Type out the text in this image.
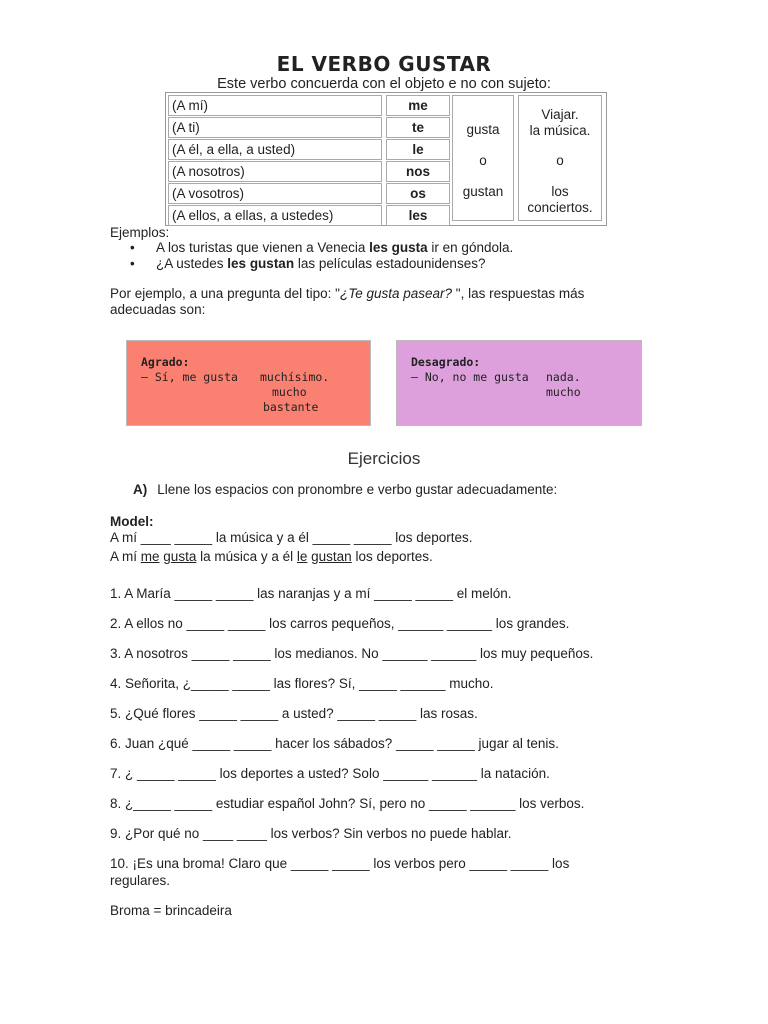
EL VERBO GUSTAR
Este verbo concuerda con el objeto e no con sujeto:
(A mí)	me
(A ti)	te
(A él, a ella, a usted)	le
(A nosotros)	nos
(A vosotros)	os
(A ellos, a ellas, a ustedes)	les
gusta
o
gustan
Viajar.
la música.
o
los
conciertos.
Ejemplos:
• A los turistas que vienen a Venecia les gusta ir en góndola.
• ¿A ustedes les gustan las películas estadounidenses?
Por ejemplo, a una pregunta del tipo: "¿Te gusta pasear? ", las respuestas más adecuadas son:
Agrado:
– Sí, me gusta muchísimo.
mucho
bastante
Desagrado:
– No, no me gusta nada.
mucho
Ejercicios
A) Llene los espacios con pronombre e verbo gustar adecuadamente:
Model:
A mí ____ _____ la música y a él _____ _____ los deportes.
A mí me gusta la música y a él le gustan los deportes.
1. A María _____ _____ las naranjas y a mí _____ _____ el melón.
2. A ellos no _____ _____ los carros pequeños, ______ ______ los grandes.
3. A nosotros _____ _____ los medianos. No ______ ______ los muy pequeños.
4. Señorita, ¿_____ _____ las flores? Sí, _____ ______ mucho.
5. ¿Qué flores _____ _____ a usted? _____ _____ las rosas.
6. Juan ¿qué _____ _____ hacer los sábados? _____ _____ jugar al tenis.
7. ¿ _____ _____ los deportes a usted? Solo ______ ______ la natación.
8. ¿_____ _____ estudiar español John? Sí, pero no _____ ______ los verbos.
9. ¿Por qué no ____ ____ los verbos? Sin verbos no puede hablar.
10. ¡Es una broma! Claro que _____ _____ los verbos pero _____ _____ los regulares.
Broma = brincadeira
